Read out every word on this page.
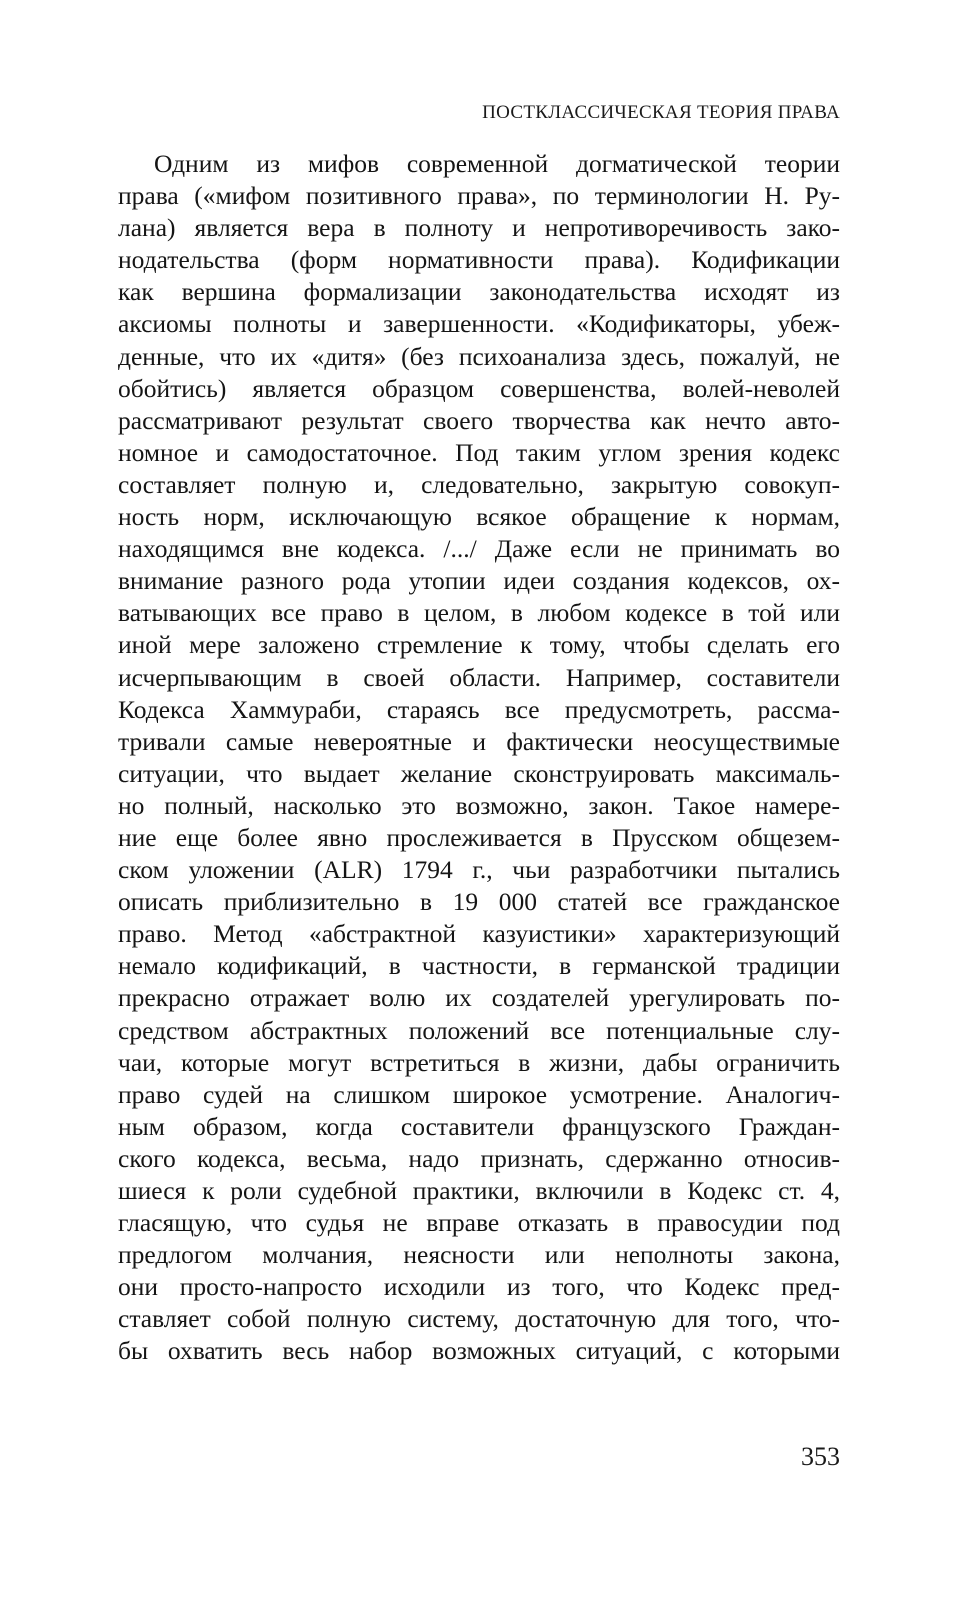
ПОСТКЛАССИЧЕСКАЯ ТЕОРИЯ ПРАВА
Одним из мифов современной догматической теории
права («мифом позитивного права», по терминологии Н. Ру-
лана) является вера в полноту и непротиворечивость зако-
нодательства (форм нормативности права). Кодификации
как вершина формализации законодательства исходят из
аксиомы полноты и завершенности. «Кодификаторы, убеж-
денные, что их «дитя» (без психоанализа здесь, пожалуй, не
обойтись) является образцом совершенства, волей-неволей
рассматривают результат своего творчества как нечто авто-
номное и самодостаточное. Под таким углом зрения кодекс
составляет полную и, следовательно, закрытую совокуп-
ность норм, исключающую всякое обращение к нормам,
находящимся вне кодекса. /.../ Даже если не принимать во
внимание разного рода утопии идеи создания кодексов, ох-
ватывающих все право в целом, в любом кодексе в той или
иной мере заложено стремление к тому, чтобы сделать его
исчерпывающим в своей области. Например, составители
Кодекса Хаммураби, стараясь все предусмотреть, рассма-
тривали самые невероятные и фактически неосуществимые
ситуации, что выдает желание сконструировать максималь-
но полный, насколько это возможно, закон. Такое намере-
ние еще более явно прослеживается в Прусском общезем-
ском уложении (ALR) 1794 г., чьи разработчики пытались
описать приблизительно в 19 000 статей все гражданское
право. Метод «абстрактной казуистики» характеризующий
немало кодификаций, в частности, в германской традиции
прекрасно отражает волю их создателей урегулировать по-
средством абстрактных положений все потенциальные слу-
чаи, которые могут встретиться в жизни, дабы ограничить
право судей на слишком широкое усмотрение. Аналогич-
ным образом, когда составители французского Граждан-
ского кодекса, весьма, надо признать, сдержанно относив-
шиеся к роли судебной практики, включили в Кодекс ст. 4,
гласящую, что судья не вправе отказать в правосудии под
предлогом молчания, неясности или неполноты закона,
они просто-напросто исходили из того, что Кодекс пред-
ставляет собой полную систему, достаточную для того, что-
бы охватить весь набор возможных ситуаций, с которыми
353
